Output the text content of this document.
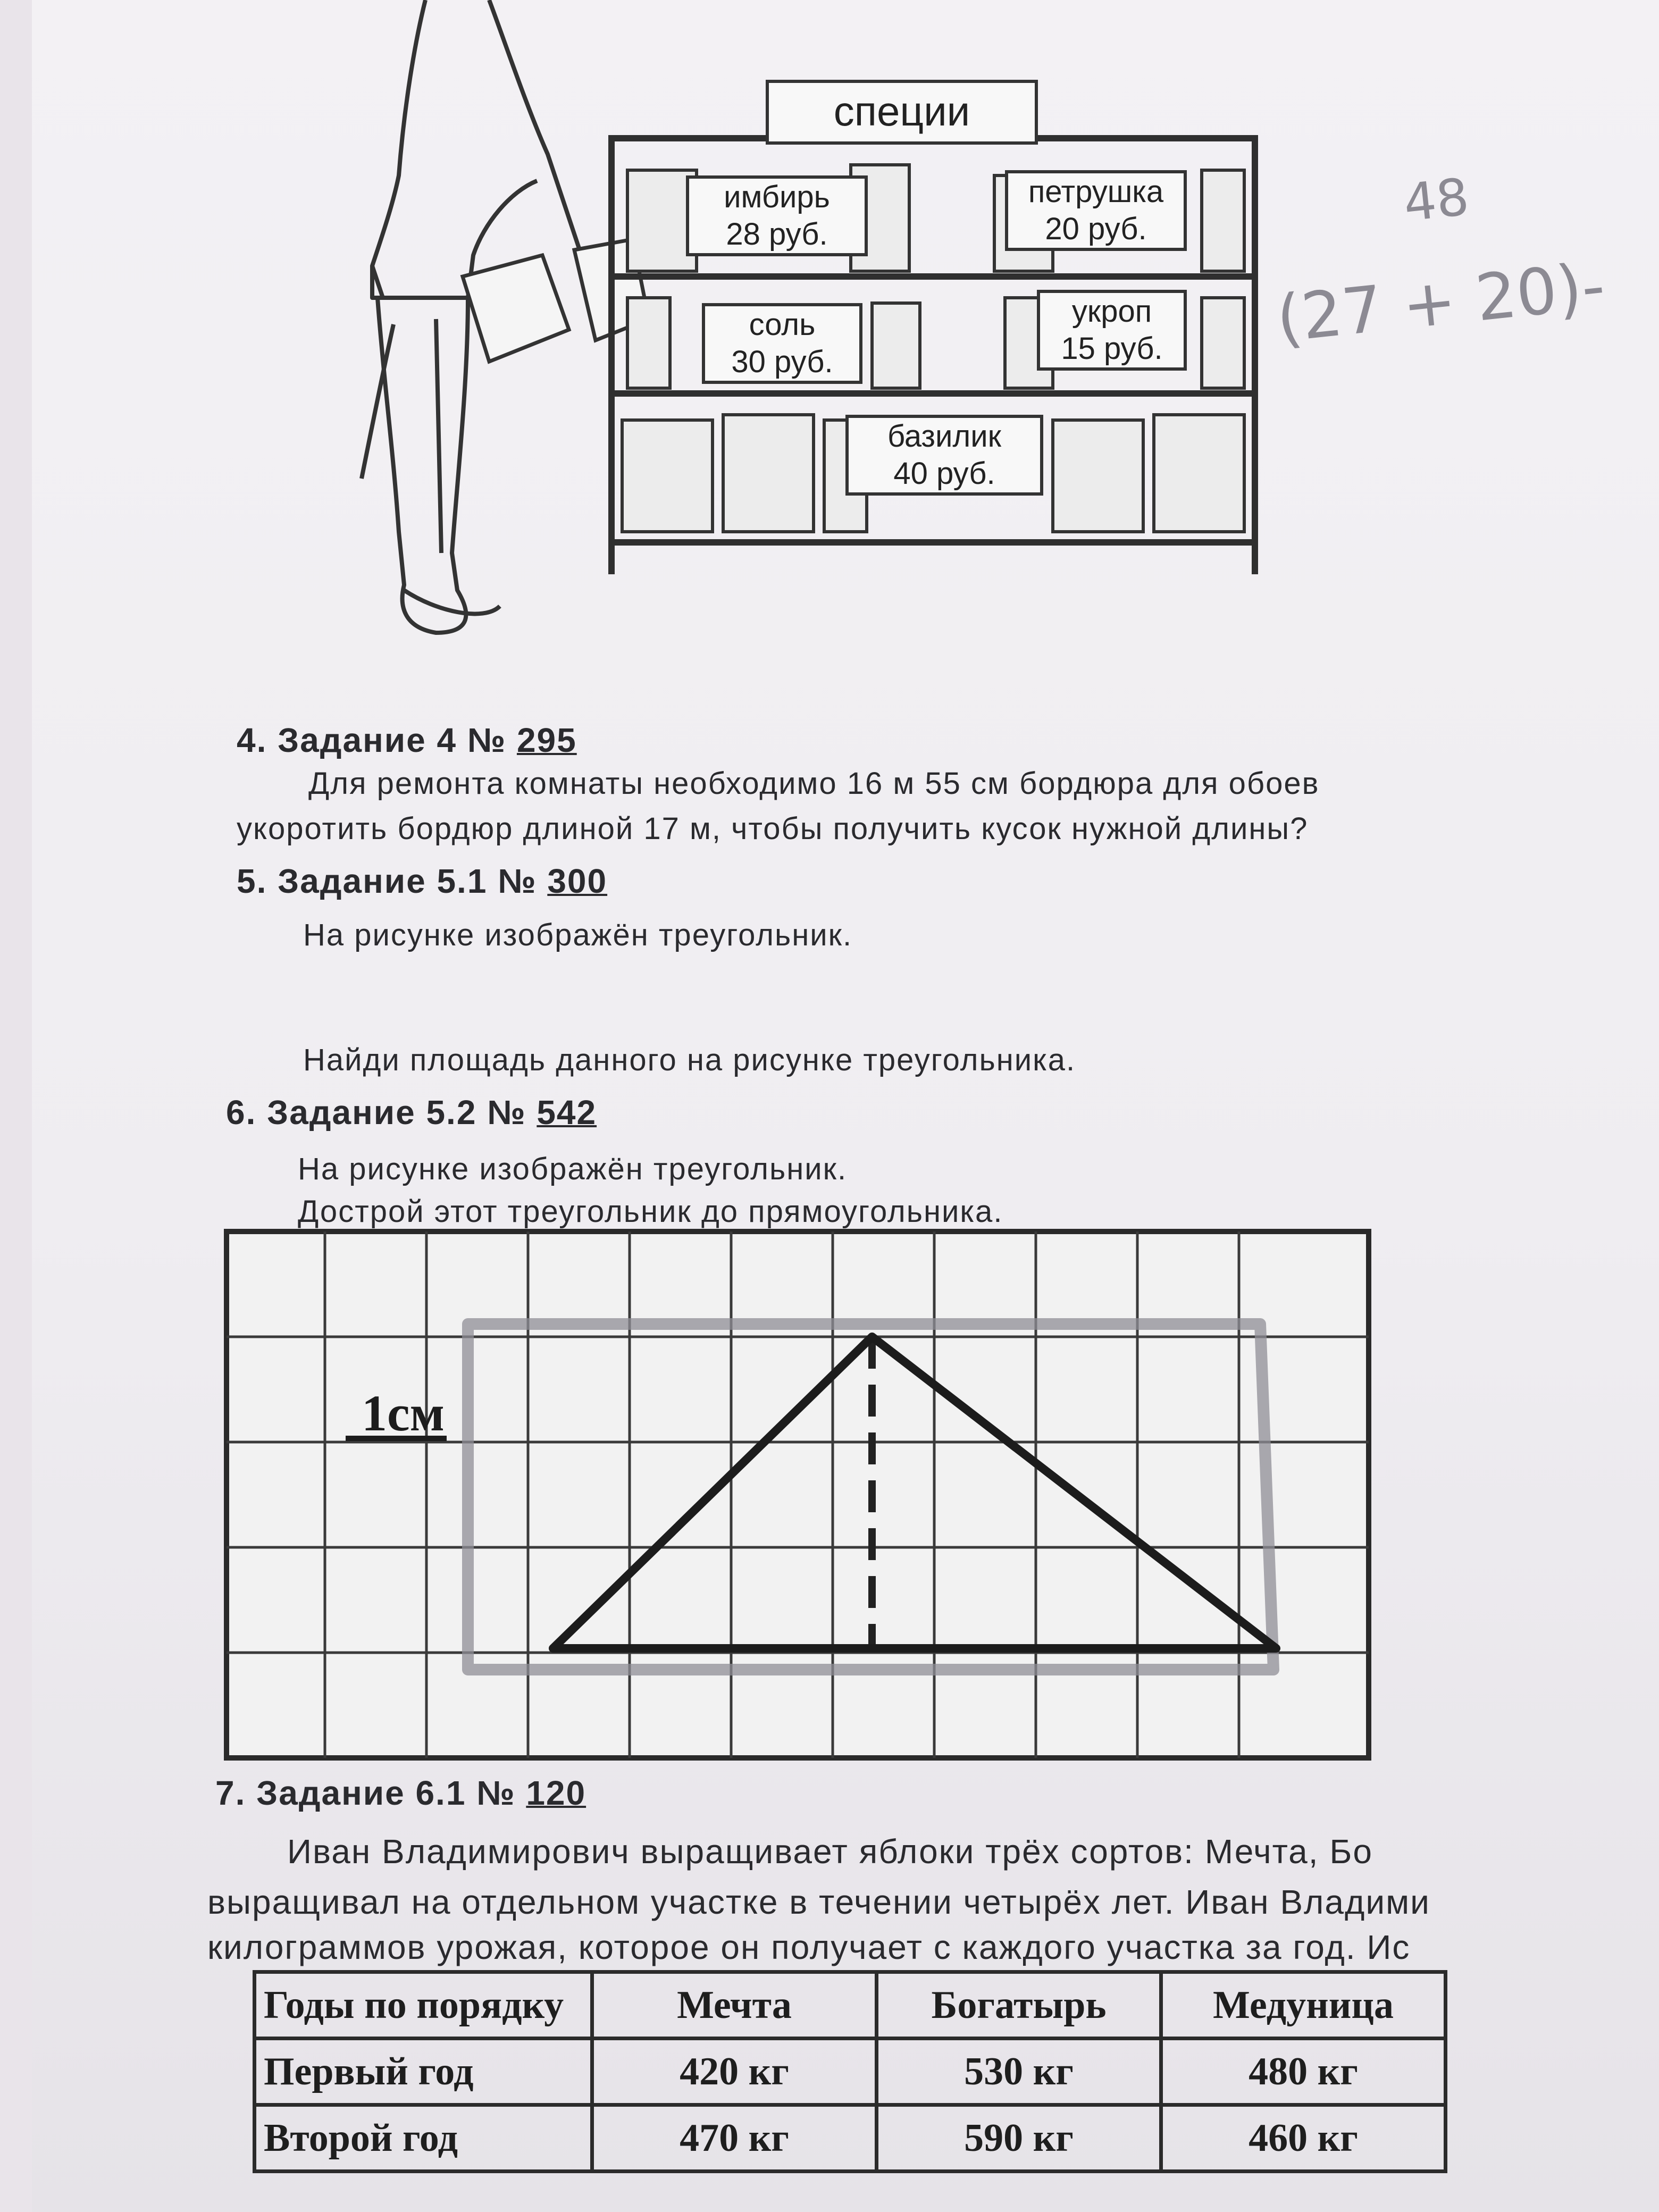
специи
имбирь
28 руб.
петрушка
20 руб.
соль
30 руб.
укроп
15 руб.
базилик
40 руб.
48
(27 + 20)-
4. Задание 4 № 295
Для ремонта комнаты необходимо 16 м 55 см бордюра для обоев
укоротить бордюр длиной 17 м, чтобы получить кусок нужной длины?
5. Задание 5.1 № 300
На рисунке изображён треугольник.
Найди площадь данного на рисунке треугольника.
6. Задание 5.2 № 542
На рисунке изображён треугольник.
Дострой этот треугольник до прямоугольника.
1см
7. Задание 6.1 № 120
Иван Владимирович выращивает яблоки трёх сортов: Мечта, Бо
выращивал на отдельном участке в течении четырёх лет. Иван Владими
килограммов урожая, которое он получает с каждого участка за год. Ис
Годы по порядку	Мечта	Богатырь	Медуница
Первый год	420 кг	530 кг	480 кг
Второй год	470 кг	590 кг	460 кг
